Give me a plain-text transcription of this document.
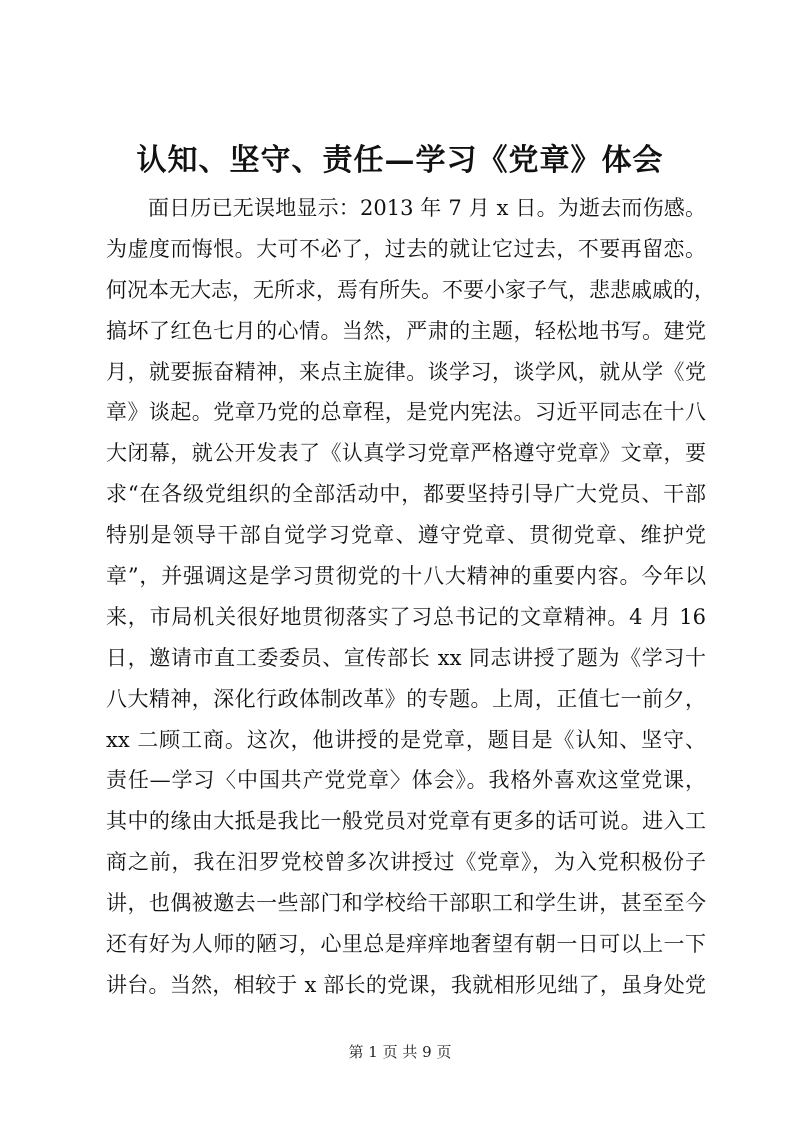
认知、坚守、责任—学习《党章》体会
面日历已无误地显示：2013 年 7 月 x 日。为逝去而伤感。
为虚度而悔恨。大可不必了，过去的就让它过去，不要再留恋。
何况本无大志，无所求，焉有所失。不要小家子气，悲悲戚戚的，
搞坏了红色七月的心情。当然，严肃的主题，轻松地书写。建党
月，就要振奋精神，来点主旋律。谈学习，谈学风，就从学《党
章》谈起。党章乃党的总章程，是党内宪法。习近平同志在十八
大闭幕，就公开发表了《认真学习党章严格遵守党章》文章，要
求“在各级党组织的全部活动中，都要坚持引导广大党员、干部
特别是领导干部自觉学习党章、遵守党章、贯彻党章、维护党
章”，并强调这是学习贯彻党的十八大精神的重要内容。今年以
来，市局机关很好地贯彻落实了习总书记的文章精神。4 月 16
日，邀请市直工委委员、宣传部长 xx 同志讲授了题为《学习十
八大精神，深化行政体制改革》的专题。上周，正值七一前夕，
xx 二顾工商。这次，他讲授的是党章，题目是《认知、坚守、
责任—学习〈中国共产党党章〉体会》。我格外喜欢这堂党课，
其中的缘由大抵是我比一般党员对党章有更多的话可说。进入工
商之前，我在汨罗党校曾多次讲授过《党章》，为入党积极份子
讲，也偶被邀去一些部门和学校给干部职工和学生讲，甚至至今
还有好为人师的陋习，心里总是痒痒地奢望有朝一日可以上一下
讲台。当然，相较于 x 部长的党课，我就相形见绌了，虽身处党
第 1 页 共 9 页
